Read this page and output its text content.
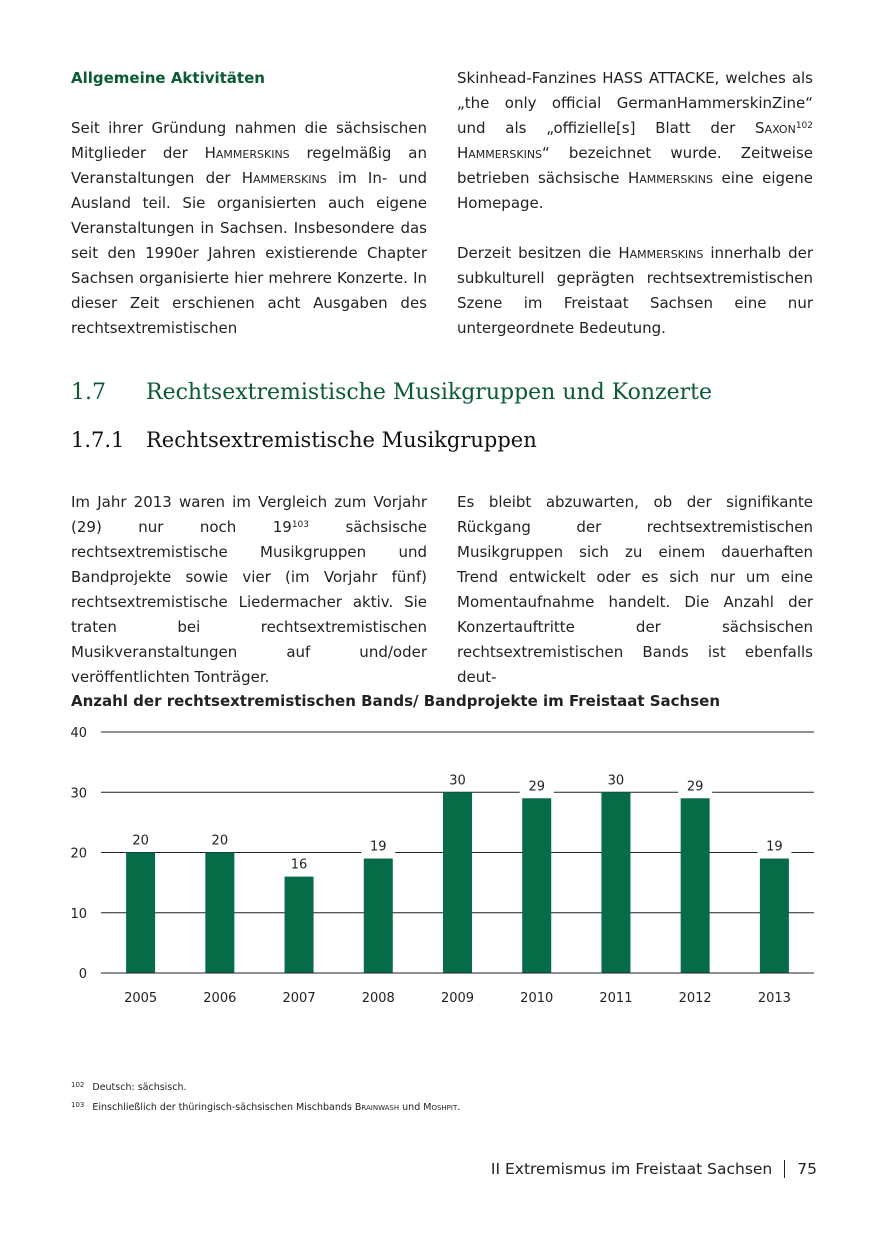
Allgemeine Aktivitäten

Seit ihrer Gründung nahmen die sächsischen Mitglieder der Hammerskins regelmäßig an Veranstaltungen der Hammerskins im In- und Ausland teil. Sie organisierten auch eigene Veranstaltungen in Sachsen. Insbesondere das seit den 1990er Jahren existierende Chapter Sachsen organisierte hier mehrere Konzerte. In dieser Zeit erschienen acht Ausgaben des rechtsextremistischen

Skinhead-Fanzines HASS ATTACKE, welches als „the only official GermanHammerskinZine“ und als „offizielle[s] Blatt der Saxon$^{102}$ Hammerskins“ bezeichnet wurde. Zeitweise betrieben sächsische Hammerskins eine eigene Homepage.

Derzeit besitzen die Hammerskins innerhalb der subkulturell geprägten rechtsextremistischen Szene im Freistaat Sachsen eine nur untergeordnete Bedeutung.

1.7	Rechtsextremistische Musikgruppen und Konzerte
1.7.1	Rechtsextremistische Musikgruppen

Im Jahr 2013 waren im Vergleich zum Vorjahr (29) nur noch $19^{103}$ sächsische rechtsextremistische Musikgruppen und Bandprojekte sowie vier (im Vorjahr fünf) rechtsextremistische Liedermacher aktiv. Sie traten bei rechtsextremistischen Musikveranstaltungen auf und/oder veröffentlichten Tonträger.

Es bleibt abzuwarten, ob der signifikante Rückgang der rechtsextremistischen Musikgruppen sich zu einem dauerhaften Trend entwickelt oder es sich nur um eine Momentaufnahme handelt. Die Anzahl der Konzertauftritte der sächsischen rechtsextremistischen Bands ist ebenfalls deut-

Anzahl der rechtsextremistischen Bands/ Bandprojekte im Freistaat Sachsen
0
10
20
30
40
20
2005
20
2006
16
2007
19
2008
30
2009
29
2010
30
2011
29
2012
19
2013
$^{102}$ Deutsch: sächsisch.
$^{103}$ Einschließlich der thüringisch-sächsischen Mischbands Brainwash und Moshpit.
II Extremismus im Freistaat Sachsen 75
